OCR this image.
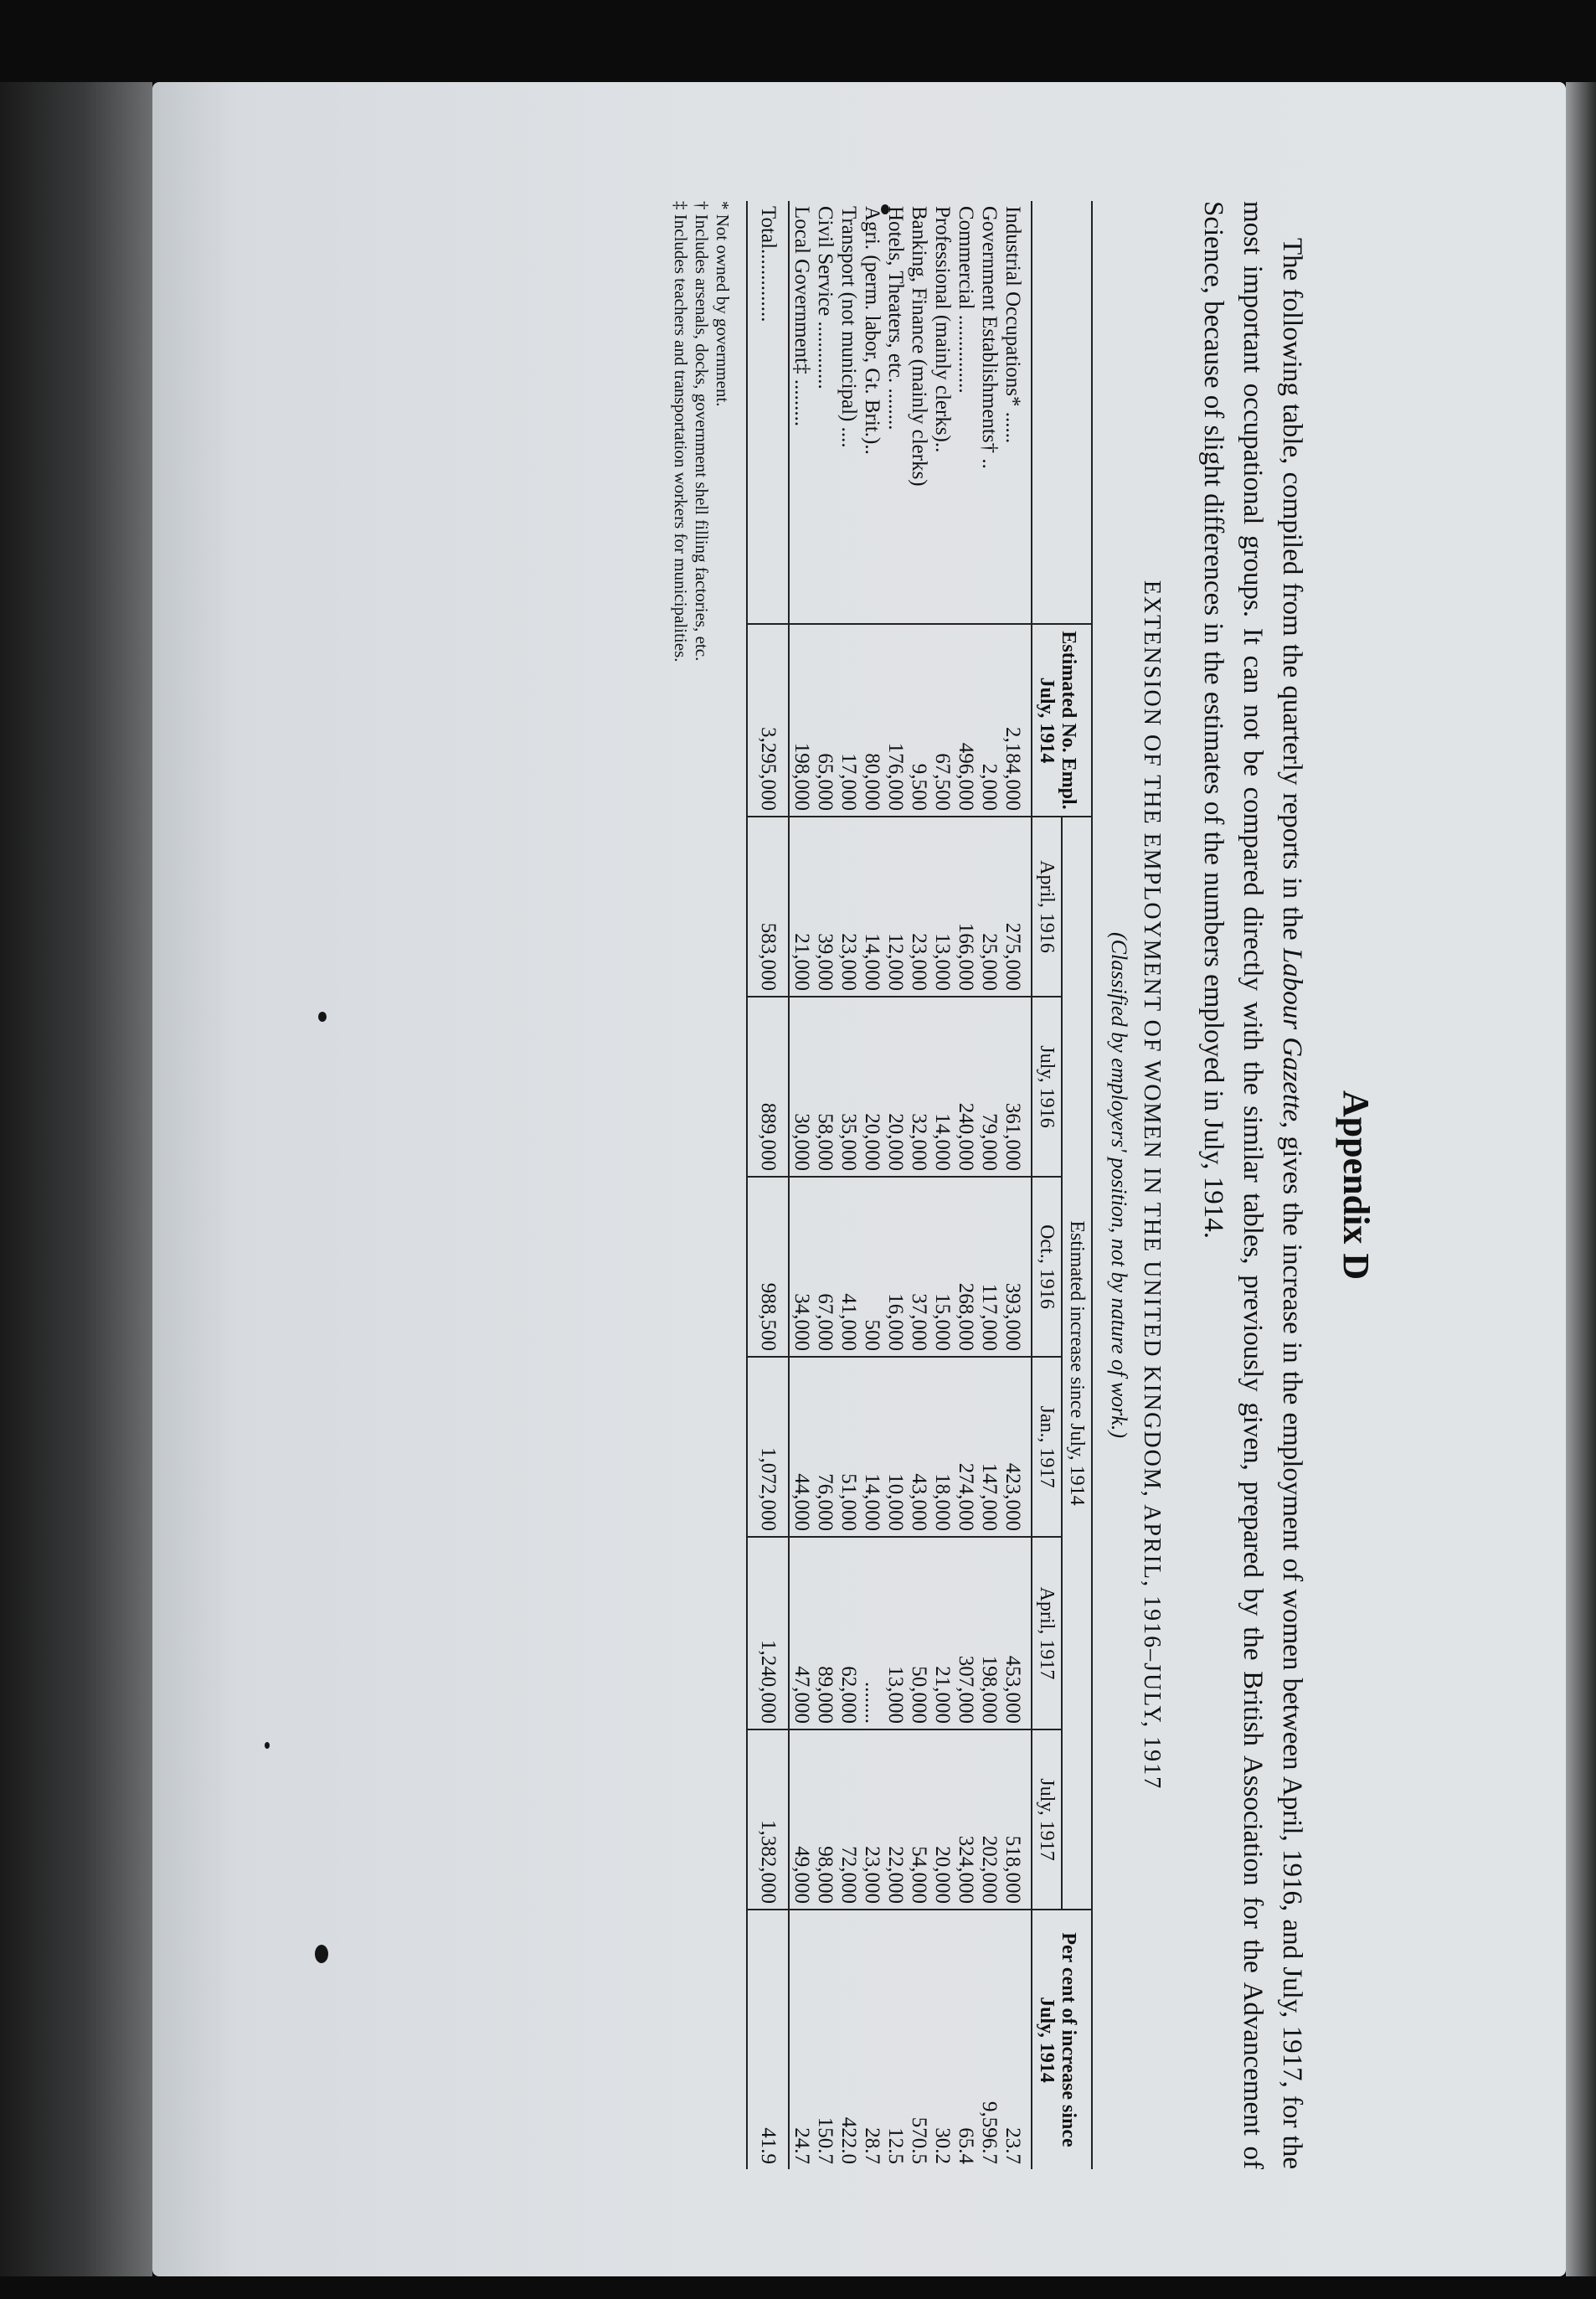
Appendix D

The following table, compiled from the quarterly reports in the Labour Gazette, gives the increase in the employment of women between April, 1916, and July, 1917, for the most important occupational groups. It can not be compared directly with the similar tables, previously given, prepared by the British Association for the Advancement of Science, because of slight differences in the estimates of the numbers employed in July, 1914.

EXTENSION OF THE EMPLOYMENT OF WOMEN IN THE UNITED KINGDOM, APRIL, 1916–JULY, 1917
(Classified by employers' position, not by nature of work.)
	Estimated No. Empl. July, 1914	Estimated increase since July, 1914						Per cent of increase since July, 1914
		April, 1916	July, 1916	Oct., 1916	Jan., 1917	April, 1917	July, 1917	
Industrial Occupations* ......	2,184,000	275,000	361,000	393,000	423,000	453,000	518,000	23.7
Government Establishments† ..	2,000	25,000	79,000	117,000	147,000	198,000	202,000	9,596.7
Commercial ...............	496,000	166,000	240,000	268,000	274,000	307,000	324,000	65.4
Professional (mainly clerks)..	67,500	13,000	14,000	15,000	18,000	21,000	20,000	30.2
Banking, Finance (mainly clerks)	9,500	23,000	32,000	37,000	43,000	50,000	54,000	570.5
Hotels, Theaters, etc. ........	176,000	12,000	20,000	16,000	10,000	13,000	22,000	12.5
Agri. (perm. labor, Gt. Brit.)..	80,000	14,000	20,000	500	14,000	........	23,000	28.7
Transport (not municipal) ....	17,000	23,000	35,000	41,000	51,000	62,000	72,000	422.0
Civil Service .............	65,000	39,000	58,000	67,000	76,000	89,000	98,000	150.7
Local Government‡ .........	198,000	21,000	30,000	34,000	44,000	47,000	49,000	24.7
Total..............	3,295,000	583,000	889,000	988,500	1,072,000	1,240,000	1,382,000	41.9

* Not owned by government.
† Includes arsenals, docks, government shell filling factories, etc.
‡ Includes teachers and transportation workers for municipalities.
